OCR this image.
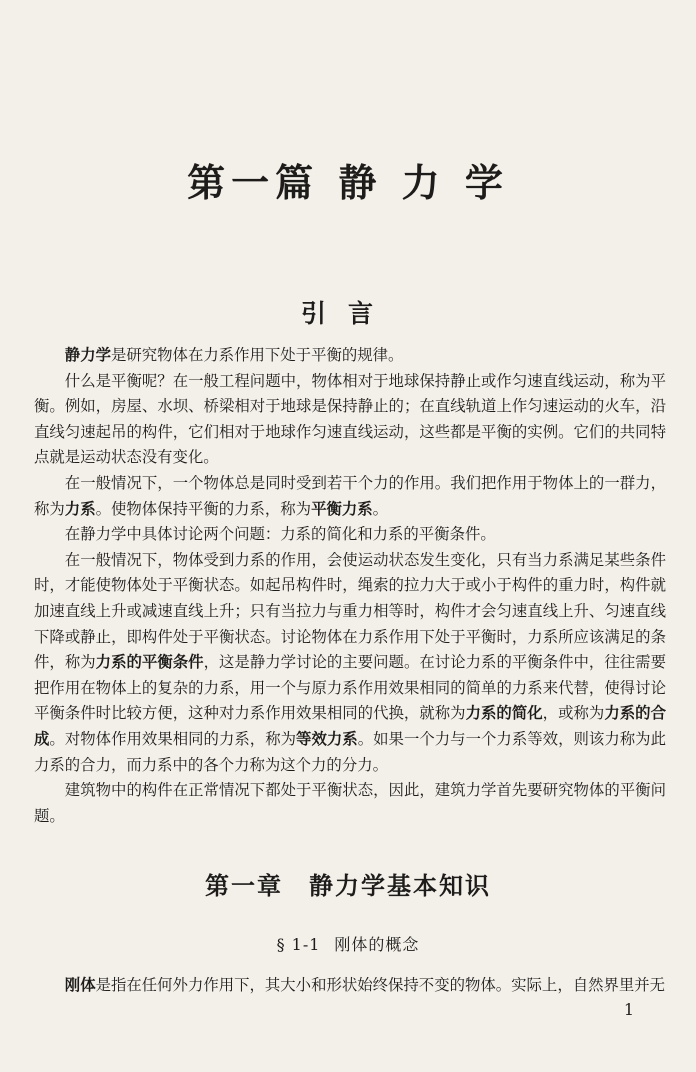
第一篇 静 力 学
引言

静力学是研究物体在力系作用下处于平衡的规律。

什么是平衡呢？在一般工程问题中，物体相对于地球保持静止或作匀速直线运动，称为平衡。例如，房屋、水坝、桥梁相对于地球是保持静止的；在直线轨道上作匀速运动的火车，沿直线匀速起吊的构件，它们相对于地球作匀速直线运动，这些都是平衡的实例。它们的共同特点就是运动状态没有变化。

在一般情况下，一个物体总是同时受到若干个力的作用。我们把作用于物体上的一群力，称为力系。使物体保持平衡的力系，称为平衡力系。

在静力学中具体讨论两个问题：力系的简化和力系的平衡条件。

在一般情况下，物体受到力系的作用，会使运动状态发生变化，只有当力系满足某些条件时，才能使物体处于平衡状态。如起吊构件时，绳索的拉力大于或小于构件的重力时，构件就加速直线上升或减速直线上升；只有当拉力与重力相等时，构件才会匀速直线上升、匀速直线下降或静止，即构件处于平衡状态。讨论物体在力系作用下处于平衡时，力系所应该满足的条件，称为力系的平衡条件，这是静力学讨论的主要问题。在讨论力系的平衡条件中，往往需要把作用在物体上的复杂的力系，用一个与原力系作用效果相同的简单的力系来代替，使得讨论平衡条件时比较方便，这种对力系作用效果相同的代换，就称为力系的简化，或称为力系的合成。对物体作用效果相同的力系，称为等效力系。如果一个力与一个力系等效，则该力称为此力系的合力，而力系中的各个力称为这个力的分力。

建筑物中的构件在正常情况下都处于平衡状态，因此，建筑力学首先要研究物体的平衡问题。

第一章 静力学基本知识
§ 1-1 刚体的概念
刚体是指在任何外力作用下，其大小和形状始终保持不变的物体。实际上，自然界里并无
1
